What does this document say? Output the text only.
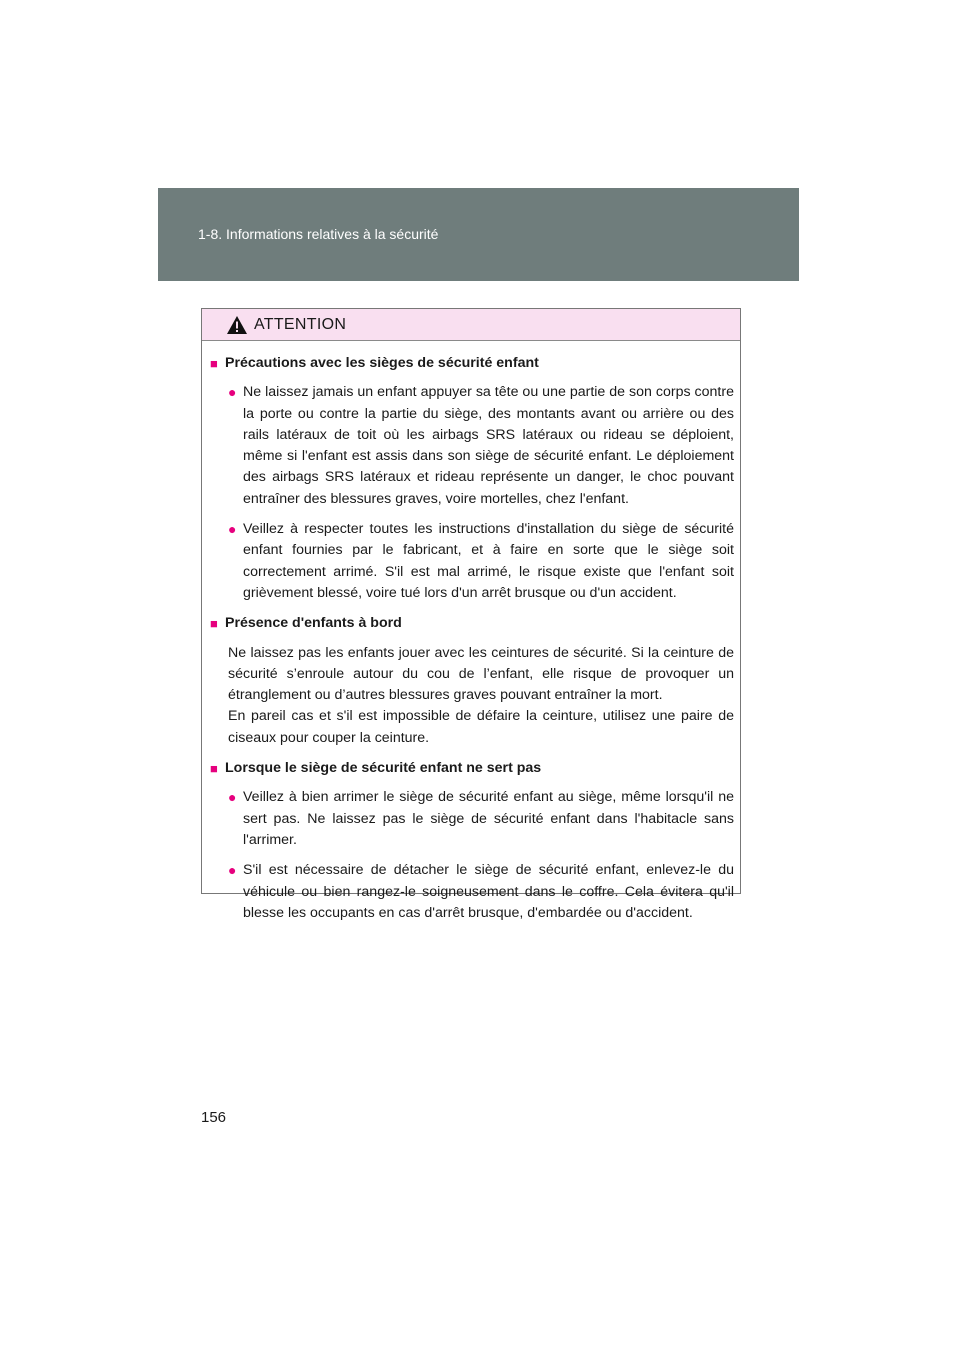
1-8. Informations relatives à la sécurité
ATTENTION
■ Précautions avec les sièges de sécurité enfant
● Ne laissez jamais un enfant appuyer sa tête ou une partie de son corps contre la porte ou contre la partie du siège, des montants avant ou arrière ou des rails latéraux de toit où les airbags SRS latéraux ou rideau se déploient, même si l'enfant est assis dans son siège de sécurité enfant. Le déploiement des airbags SRS latéraux et rideau représente un danger, le choc pouvant entraîner des blessures graves, voire mortelles, chez l'enfant.
● Veillez à respecter toutes les instructions d'installation du siège de sécurité enfant fournies par le fabricant, et à faire en sorte que le siège soit correctement arrimé. S'il est mal arrimé, le risque existe que l'enfant soit grièvement blessé, voire tué lors d'un arrêt brusque ou d'un accident.
■ Présence d'enfants à bord
Ne laissez pas les enfants jouer avec les ceintures de sécurité. Si la ceinture de sécurité s’enroule autour du cou de l’enfant, elle risque de provoquer un étranglement ou d’autres blessures graves pouvant entraîner la mort.
En pareil cas et s'il est impossible de défaire la ceinture, utilisez une paire de ciseaux pour couper la ceinture.
■ Lorsque le siège de sécurité enfant ne sert pas
● Veillez à bien arrimer le siège de sécurité enfant au siège, même lorsqu'il ne sert pas. Ne laissez pas le siège de sécurité enfant dans l'habitacle sans l'arrimer.
● S'il est nécessaire de détacher le siège de sécurité enfant, enlevez-le du véhicule ou bien rangez-le soigneusement dans le coffre. Cela évitera qu'il blesse les occupants en cas d'arrêt brusque, d'embardée ou d'accident.
156
